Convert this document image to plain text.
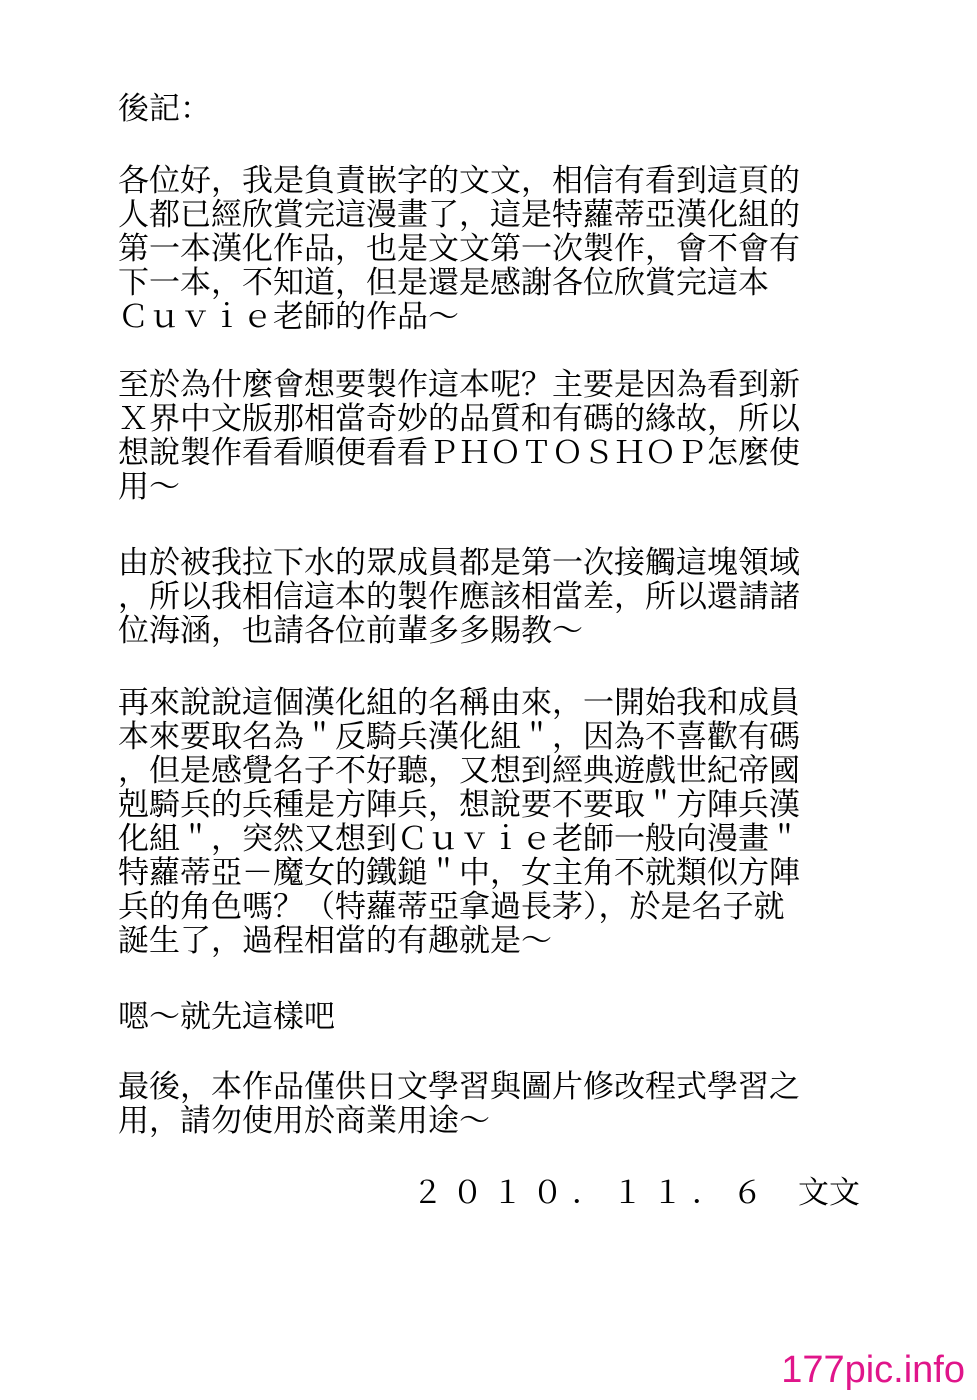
後記：
各位好，我是負責嵌字的文文，相信有看到這頁的
人都已經欣賞完這漫畫了，這是特蘿蒂亞漢化組的
第一本漢化作品，也是文文第一次製作，會不會有
下一本，不知道，但是還是感謝各位欣賞完這本
Ｃｕｖｉｅ老師的作品～
至於為什麼會想要製作這本呢？主要是因為看到新
Ｘ界中文版那相當奇妙的品質和有碼的緣故，所以
想說製作看看順便看看ＰＨＯＴＯＳＨＯＰ怎麼使
用～
由於被我拉下水的眾成員都是第一次接觸這塊領域
，所以我相信這本的製作應該相當差，所以還請諸
位海涵，也請各位前輩多多賜教～
再來說說這個漢化組的名稱由來，一開始我和成員
本來要取名為＂反騎兵漢化組＂，因為不喜歡有碼
，但是感覺名子不好聽，又想到經典遊戲世紀帝國
剋騎兵的兵種是方陣兵，想說要不要取＂方陣兵漢
化組＂，突然又想到Ｃｕｖｉｅ老師一般向漫畫＂
特蘿蒂亞－魔女的鐵鎚＂中，女主角不就類似方陣
兵的角色嗎？（特蘿蒂亞拿過長茅），於是名子就
誕生了，過程相當的有趣就是～
嗯～就先這樣吧
最後，本作品僅供日文學習與圖片修改程式學習之
用，請勿使用於商業用途～
２０１０．１１．６ 文文
177pic.info
